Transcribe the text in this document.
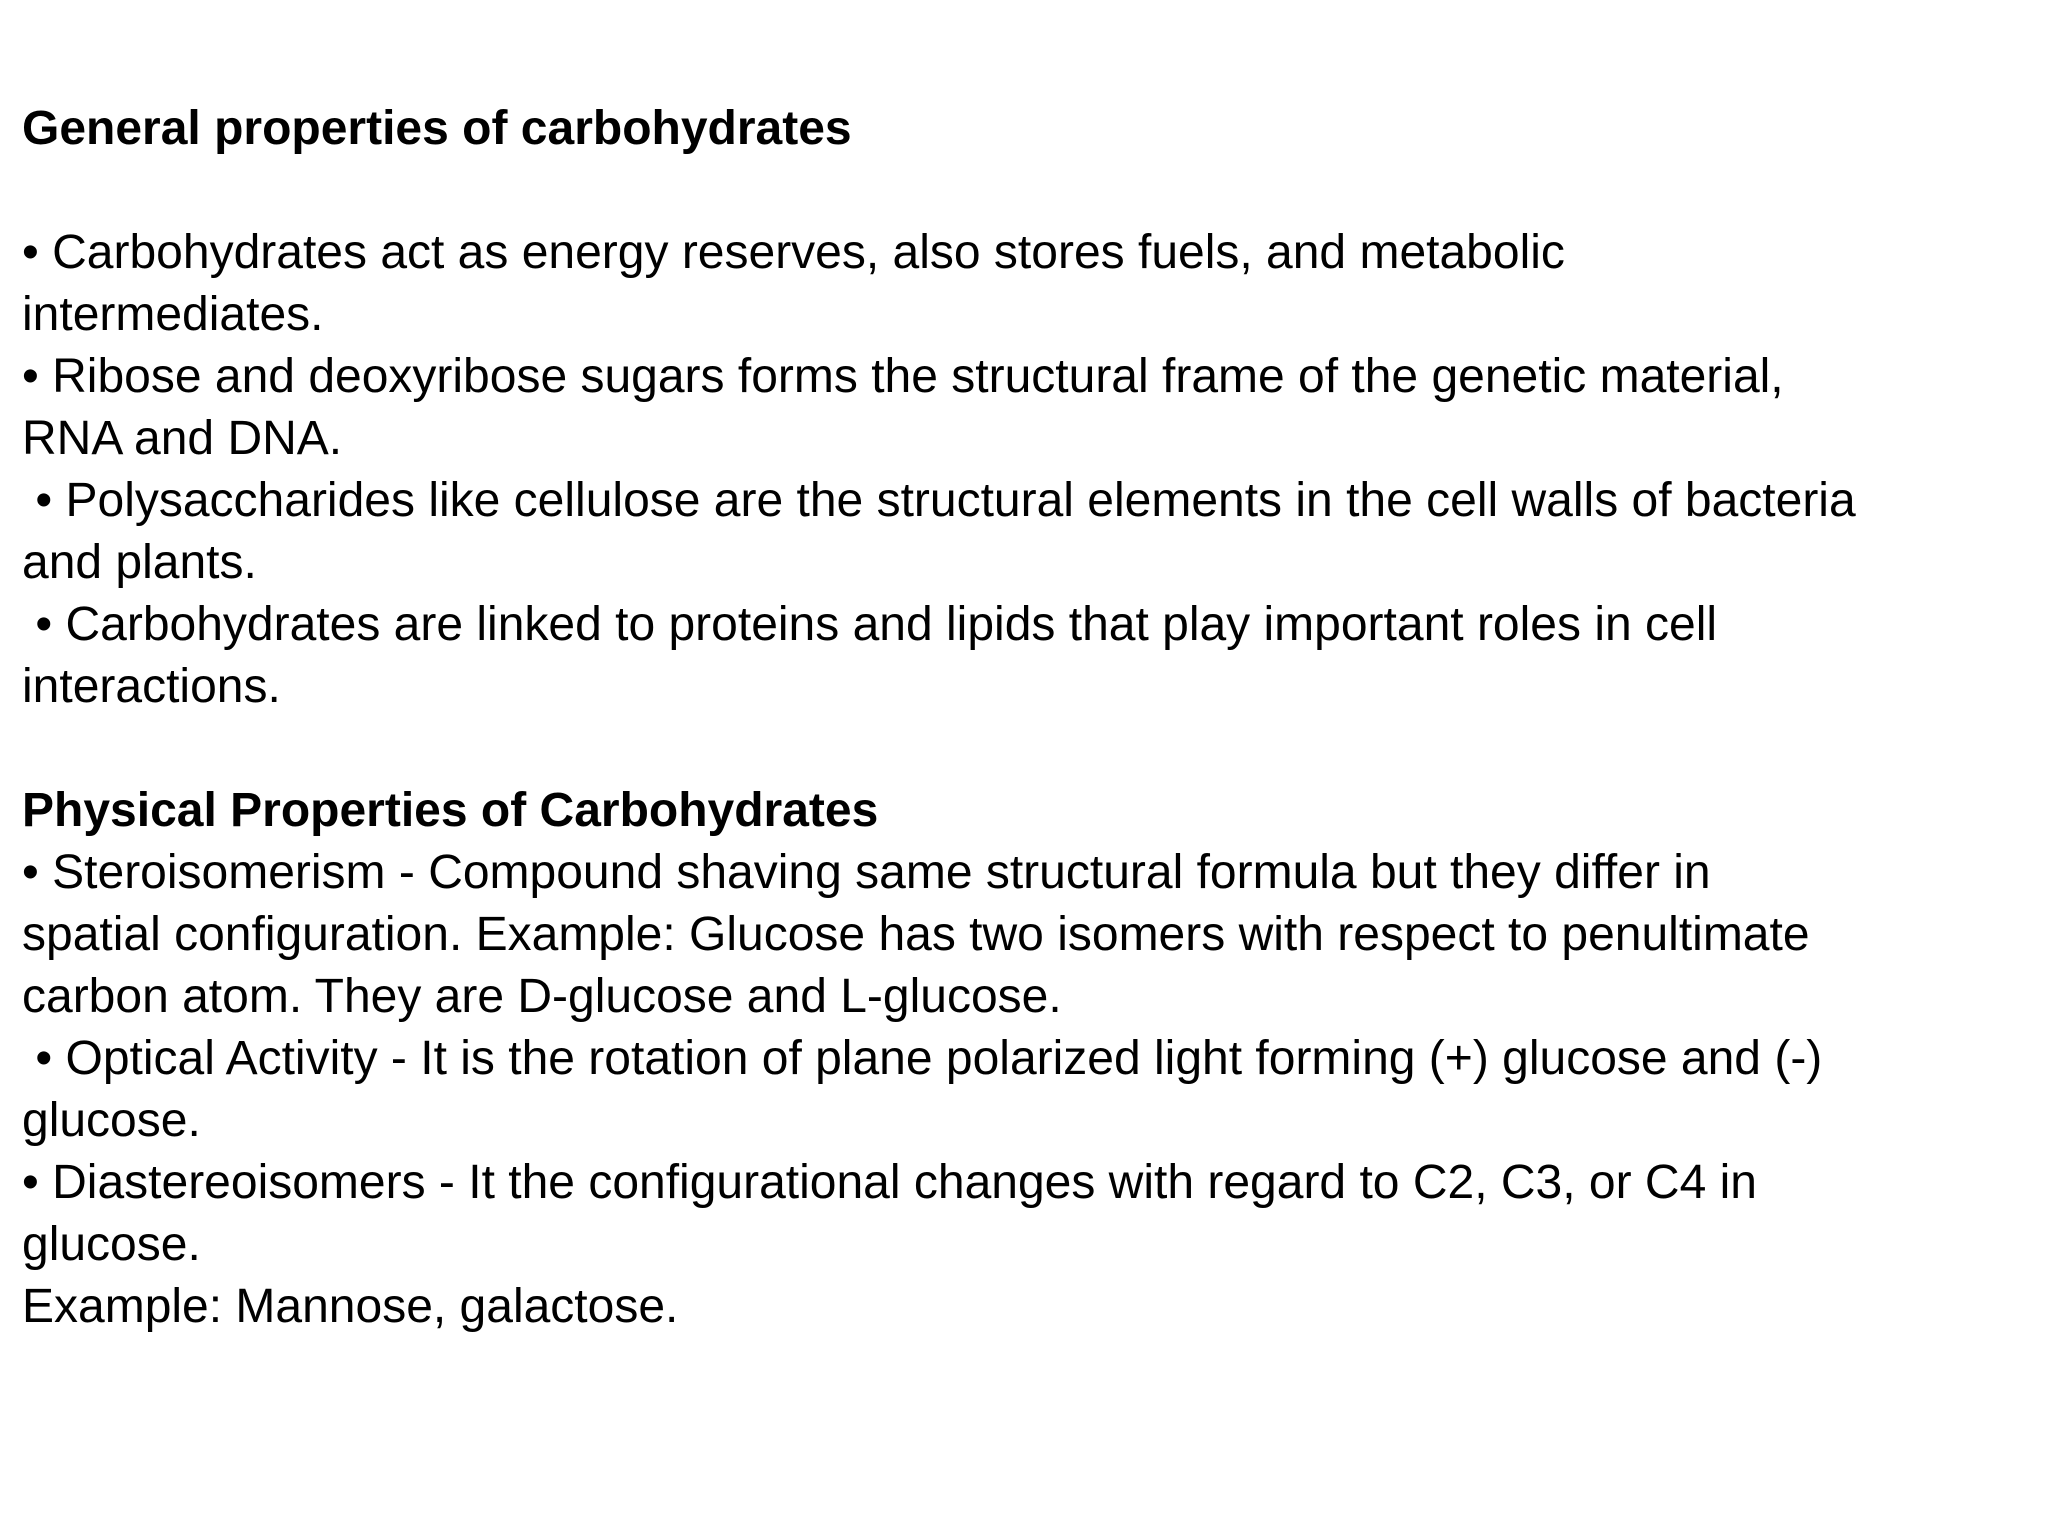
General properties of carbohydrates
• Carbohydrates act as energy reserves, also stores fuels, and metabolic
intermediates.
• Ribose and deoxyribose sugars forms the structural frame of the genetic material,
RNA and DNA.
• Polysaccharides like cellulose are the structural elements in the cell walls of bacteria
and plants.
• Carbohydrates are linked to proteins and lipids that play important roles in cell
interactions.
Physical Properties of Carbohydrates
• Steroisomerism - Compound shaving same structural formula but they differ in
spatial configuration. Example: Glucose has two isomers with respect to penultimate
carbon atom. They are D-glucose and L-glucose.
• Optical Activity - It is the rotation of plane polarized light forming (+) glucose and (-)
glucose.
• Diastereoisomers - It the configurational changes with regard to C2, C3, or C4 in
glucose.
Example: Mannose, galactose.
